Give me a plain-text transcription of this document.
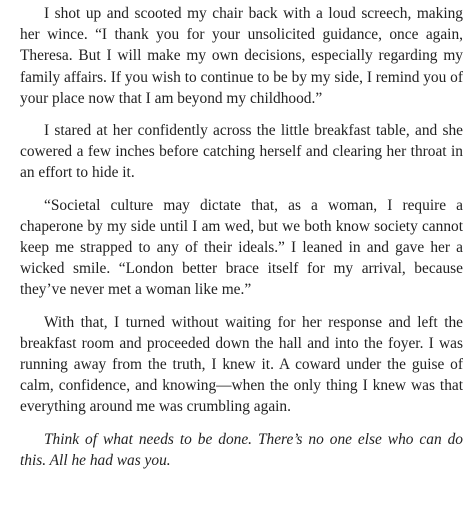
I shot up and scooted my chair back with a loud screech, making her wince. “I thank you for your unsolicited guidance, once again, Theresa. But I will make my own decisions, especially regarding my family affairs. If you wish to continue to be by my side, I remind you of your place now that I am beyond my childhood.”

I stared at her confidently across the little breakfast table, and she cowered a few inches before catching herself and clearing her throat in an effort to hide it.

“Societal culture may dictate that, as a woman, I require a chaperone by my side until I am wed, but we both know society cannot keep me strapped to any of their ideals.” I leaned in and gave her a wicked smile. “London better brace itself for my arrival, because they’ve never met a woman like me.”

With that, I turned without waiting for her response and left the breakfast room and proceeded down the hall and into the foyer. I was running away from the truth, I knew it. A coward under the guise of calm, confidence, and knowing—when the only thing I knew was that everything around me was crumbling again.

Think of what needs to be done. There’s no one else who can do this. All he had was you.
